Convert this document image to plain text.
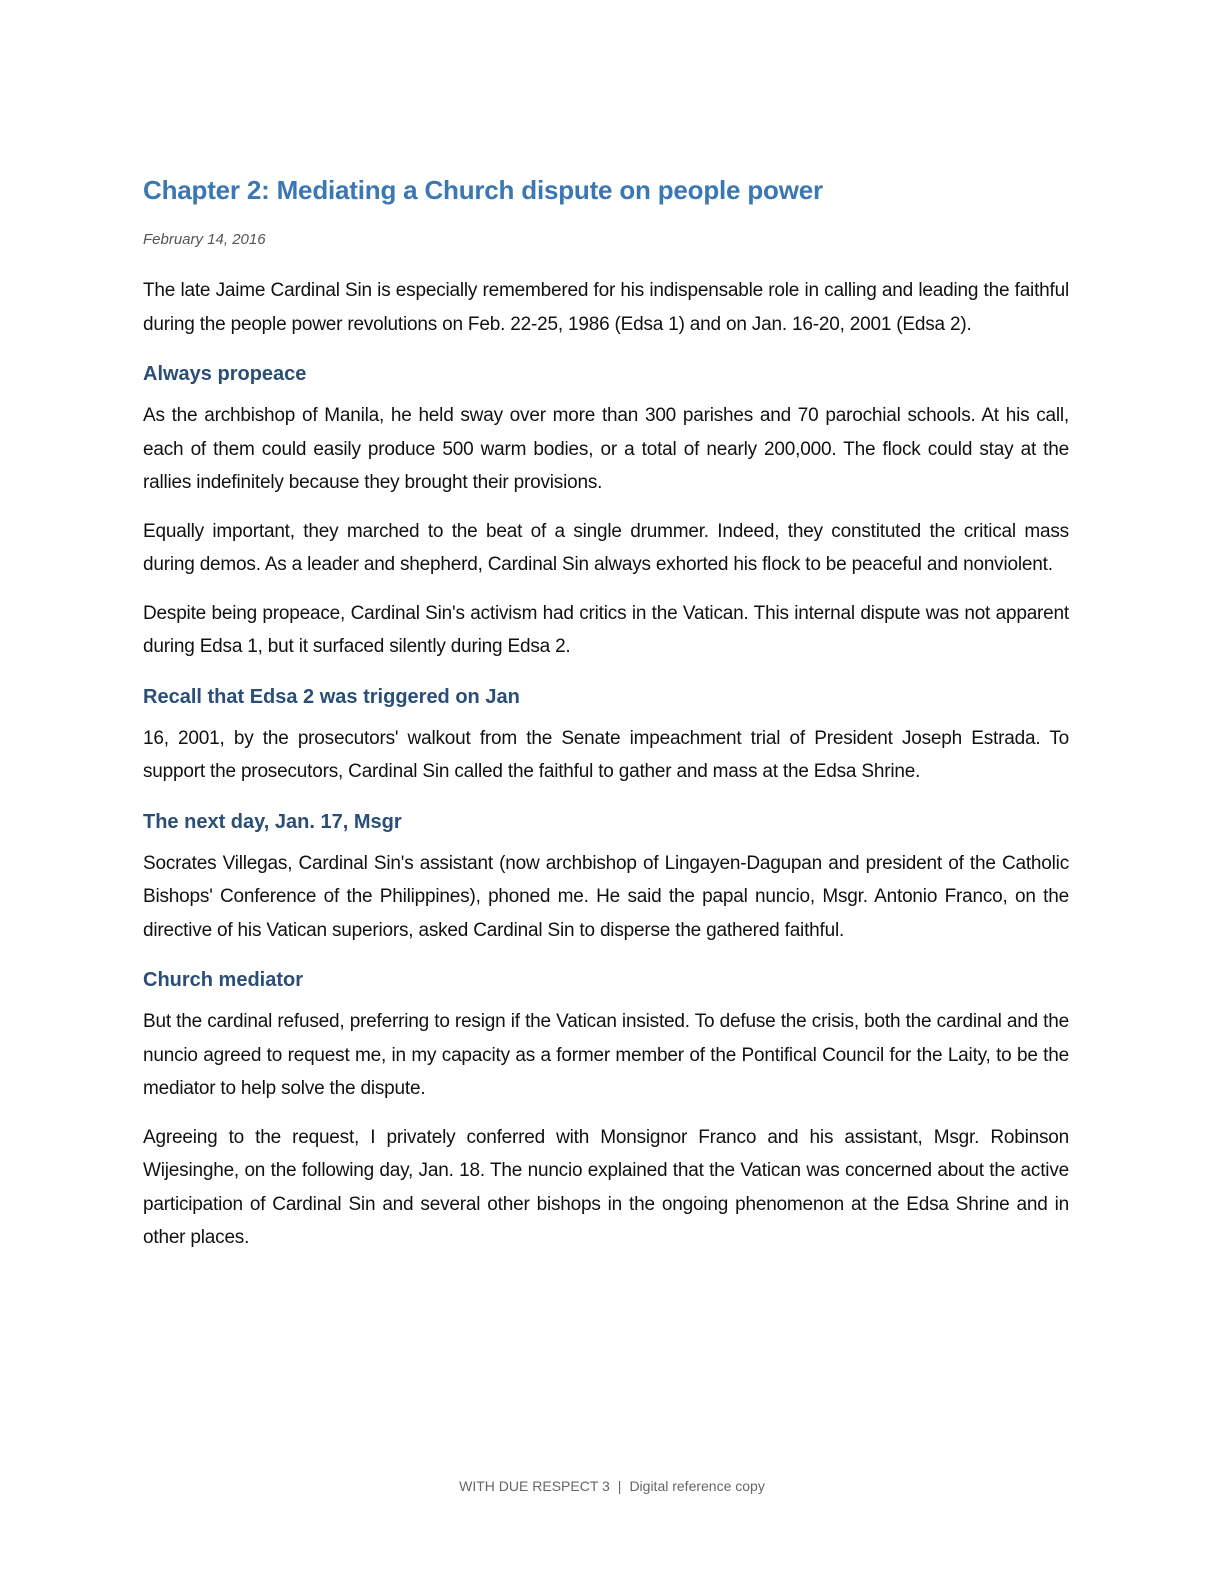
Chapter 2: Mediating a Church dispute on people power

February 14, 2016

The late Jaime Cardinal Sin is especially remembered for his indispensable role in calling and leading the faithful during the people power revolutions on Feb. 22-25, 1986 (Edsa 1) and on Jan. 16-20, 2001 (Edsa 2).

Always propeace

As the archbishop of Manila, he held sway over more than 300 parishes and 70 parochial schools. At his call, each of them could easily produce 500 warm bodies, or a total of nearly 200,000. The flock could stay at the rallies indefinitely because they brought their provisions.

Equally important, they marched to the beat of a single drummer. Indeed, they constituted the critical mass during demos. As a leader and shepherd, Cardinal Sin always exhorted his flock to be peaceful and nonviolent.

Despite being propeace, Cardinal Sin's activism had critics in the Vatican. This internal dispute was not apparent during Edsa 1, but it surfaced silently during Edsa 2.

Recall that Edsa 2 was triggered on Jan

16, 2001, by the prosecutors' walkout from the Senate impeachment trial of President Joseph Estrada. To support the prosecutors, Cardinal Sin called the faithful to gather and mass at the Edsa Shrine.

The next day, Jan. 17, Msgr

Socrates Villegas, Cardinal Sin's assistant (now archbishop of Lingayen-Dagupan and president of the Catholic Bishops' Conference of the Philippines), phoned me. He said the papal nuncio, Msgr. Antonio Franco, on the directive of his Vatican superiors, asked Cardinal Sin to disperse the gathered faithful.

Church mediator

But the cardinal refused, preferring to resign if the Vatican insisted. To defuse the crisis, both the cardinal and the nuncio agreed to request me, in my capacity as a former member of the Pontifical Council for the Laity, to be the mediator to help solve the dispute.

Agreeing to the request, I privately conferred with Monsignor Franco and his assistant, Msgr. Robinson Wijesinghe, on the following day, Jan. 18. The nuncio explained that the Vatican was concerned about the active participation of Cardinal Sin and several other bishops in the ongoing phenomenon at the Edsa Shrine and in other places.

WITH DUE RESPECT 3 | Digital reference copy
